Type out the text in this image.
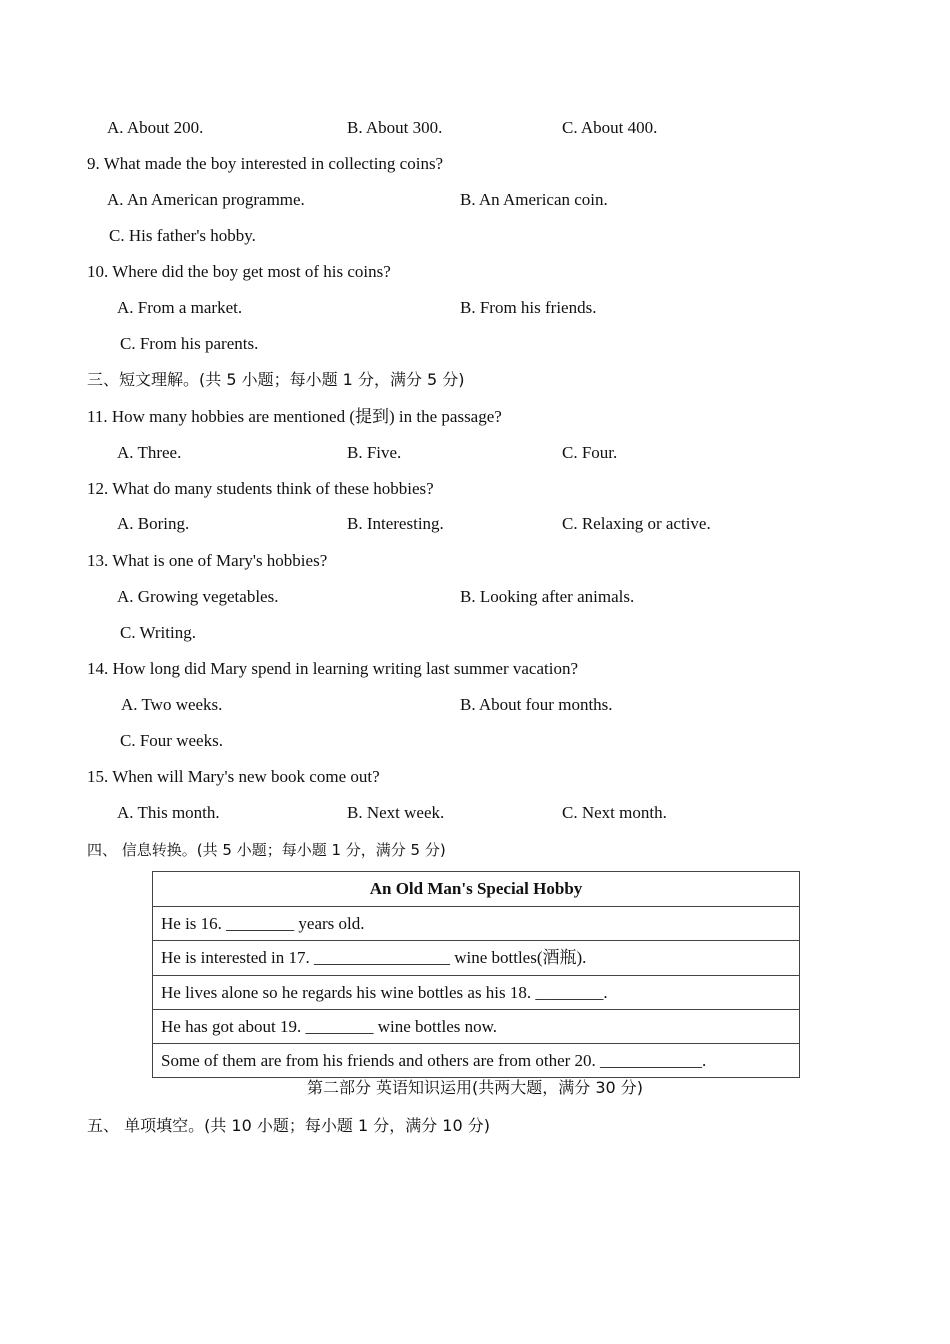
A. About 200.	B. About 300.	C. About 400.
9. What made the boy interested in collecting coins?
A. An American programme.	B. An American coin.
C. His father's hobby.
10. Where did the boy get most of his coins?
A. From a market.	B. From his friends.
C. From his parents.
三、短文理解。(共 5 小题；每小题 1 分，满分 5 分)
11. How many hobbies are mentioned (提到) in the passage?
A. Three.	B. Five.	C. Four.
12. What do many students think of these hobbies?
A. Boring.	B. Interesting.	C. Relaxing or active.
13. What is one of Mary's hobbies?
A. Growing vegetables.	B. Looking after animals.
C. Writing.
14. How long did Mary spend in learning writing last summer vacation?
A. Two weeks.	B. About four months.
C. Four weeks.
15. When will Mary's new book come out?
A. This month.	B. Next week.	C. Next month.
四、 信息转换。(共 5 小题；每小题 1 分，满分 5 分)
An Old Man's Special Hobby
He is 16. ________ years old.
He is interested in 17. ________________ wine bottles(酒瓶).
He lives alone so he regards his wine bottles as his 18. ________.
He has got about 19. ________ wine bottles now.
Some of them are from his friends and others are from other 20. ____________.
第二部分 英语知识运用(共两大题，满分 30 分)
五、 单项填空。(共 10 小题；每小题 1 分，满分 10 分)
